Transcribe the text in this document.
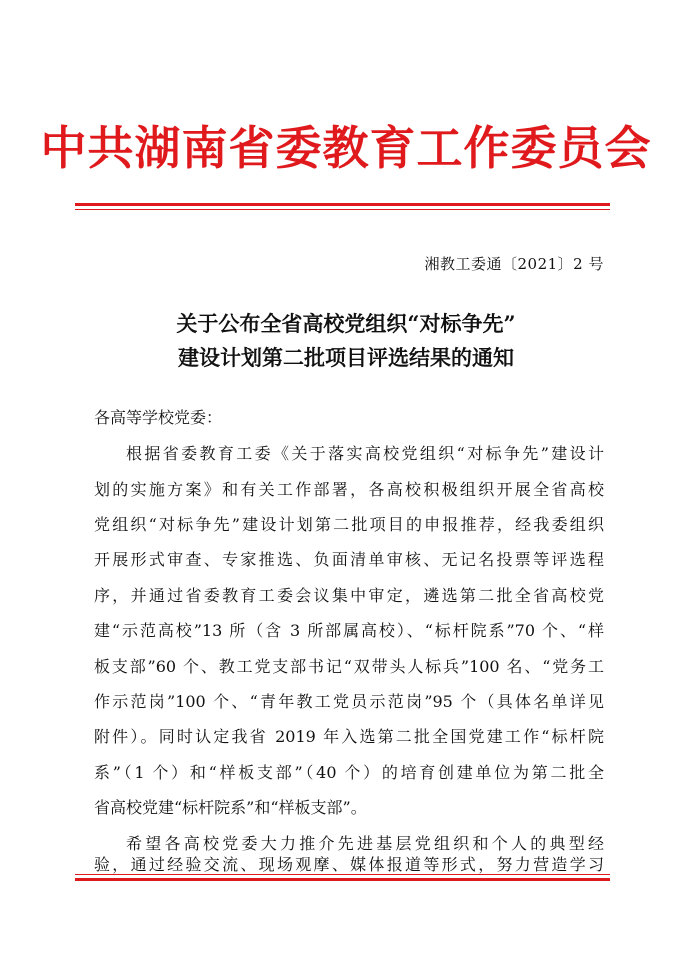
中共湖南省委教育工作委员会
湘教工委通〔2021〕2 号
关于公布全省高校党组织“对标争先”
建设计划第二批项目评选结果的通知
各高等学校党委：
根据省委教育工委《关于落实高校党组织“对标争先”建设计
划的实施方案》和有关工作部署，各高校积极组织开展全省高校
党组织“对标争先”建设计划第二批项目的申报推荐，经我委组织
开展形式审查、专家推选、负面清单审核、无记名投票等评选程
序，并通过省委教育工委会议集中审定，遴选第二批全省高校党
建“示范高校”13 所（含 3 所部属高校）、“标杆院系”70 个、“样
板支部”60 个、教工党支部书记“双带头人标兵”100 名、“党务工
作示范岗”100 个、“青年教工党员示范岗”95 个（具体名单详见
附件）。同时认定我省 2019 年入选第二批全国党建工作“标杆院
系”（1 个）和“样板支部”（40 个）的培育创建单位为第二批全
省高校党建“标杆院系”和“样板支部”。
希望各高校党委大力推介先进基层党组织和个人的典型经
验，通过经验交流、现场观摩、媒体报道等形式，努力营造学习
